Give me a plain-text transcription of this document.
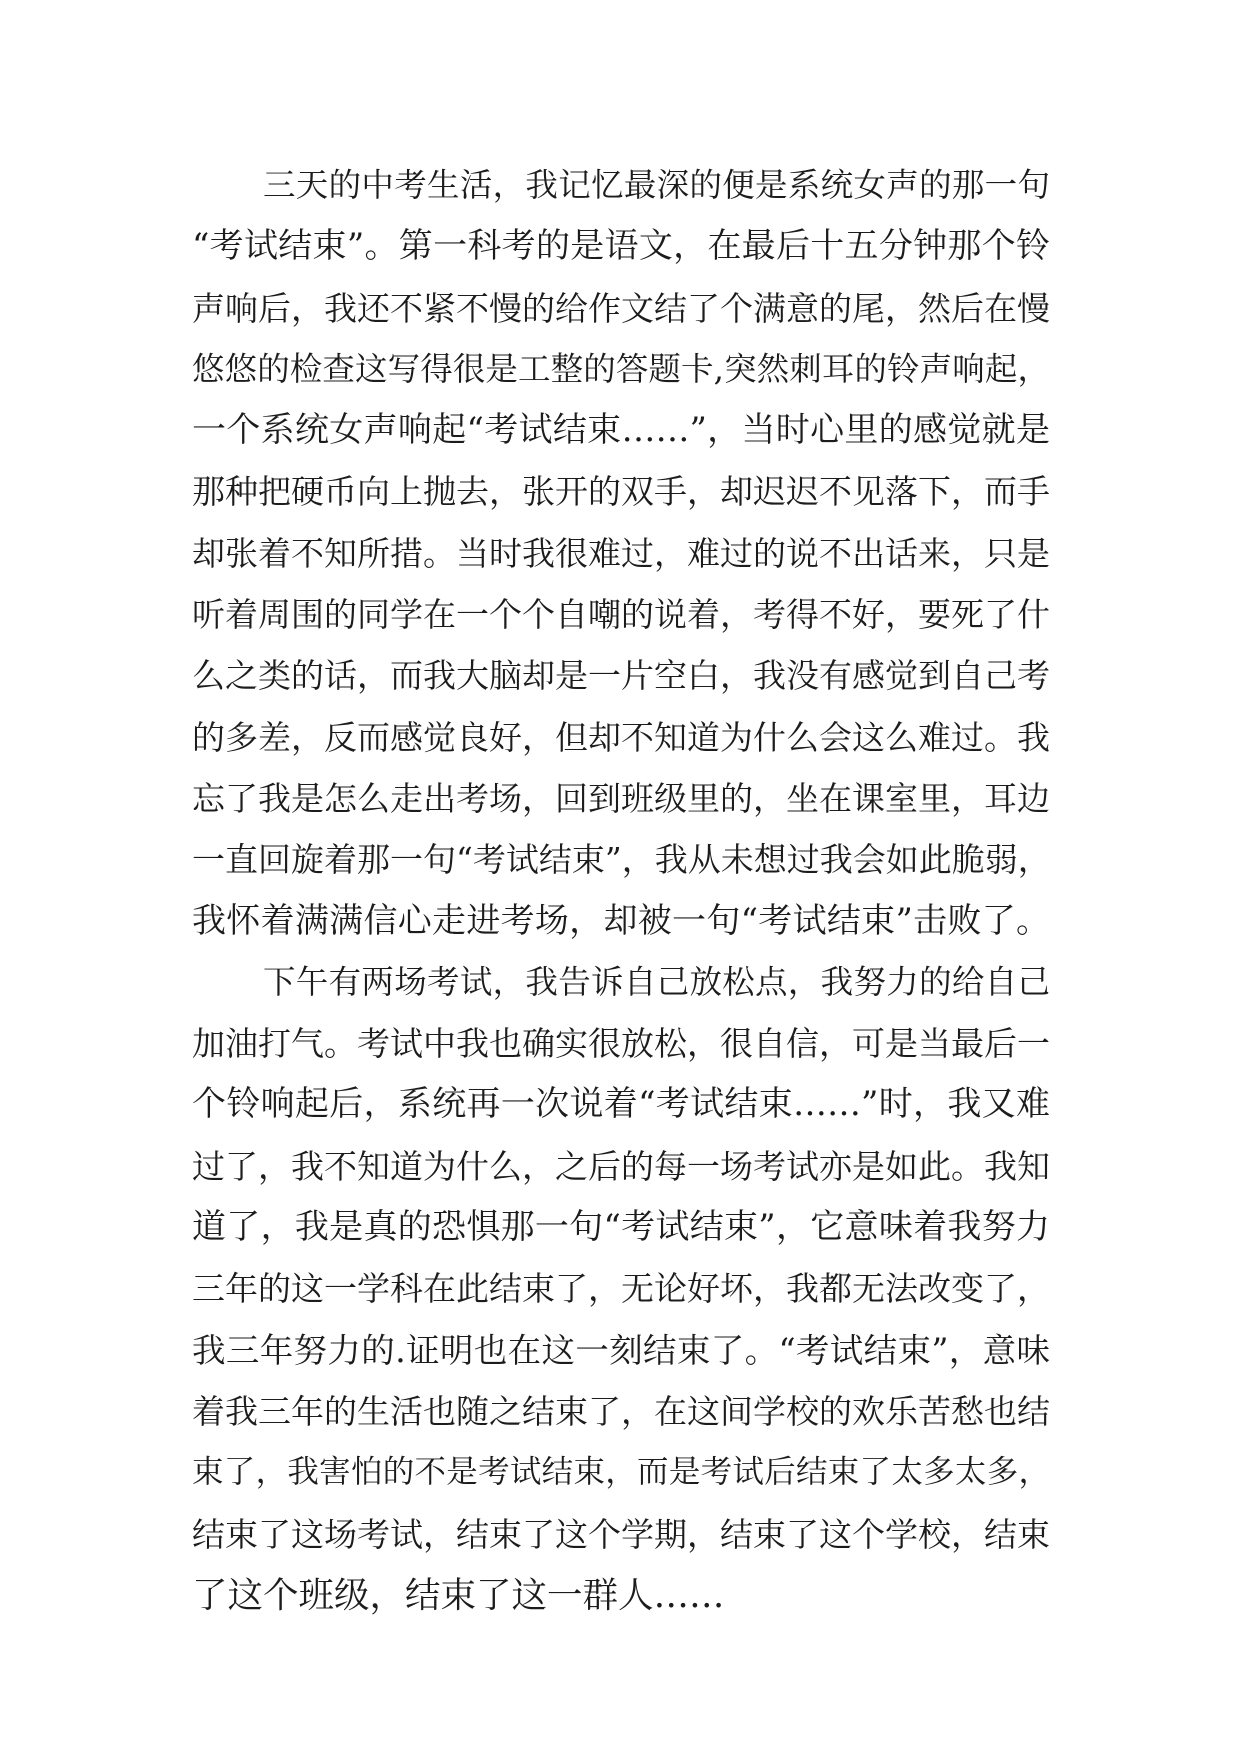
三天的中考生活，我记忆最深的便是系统女声的那一句
“考试结束”。第一科考的是语文，在最后十五分钟那个铃
声响后，我还不紧不慢的给作文结了个满意的尾，然后在慢
悠悠的检查这写得很是工整的答题卡,突然刺耳的铃声响起，
一个系统女声响起“考试结束……”，当时心里的感觉就是
那种把硬币向上抛去，张开的双手，却迟迟不见落下，而手
却张着不知所措。当时我很难过，难过的说不出话来，只是
听着周围的同学在一个个自嘲的说着，考得不好，要死了什
么之类的话，而我大脑却是一片空白，我没有感觉到自己考
的多差，反而感觉良好，但却不知道为什么会这么难过。我
忘了我是怎么走出考场，回到班级里的，坐在课室里，耳边
一直回旋着那一句“考试结束”，我从未想过我会如此脆弱，
我怀着满满信心走进考场，却被一句“考试结束”击败了。
下午有两场考试，我告诉自己放松点，我努力的给自己
加油打气。考试中我也确实很放松，很自信，可是当最后一
个铃响起后，系统再一次说着“考试结束……”时，我又难
过了，我不知道为什么，之后的每一场考试亦是如此。我知
道了，我是真的恐惧那一句“考试结束”，它意味着我努力
三年的这一学科在此结束了，无论好坏，我都无法改变了，
我三年努力的.证明也在这一刻结束了。“考试结束”，意味
着我三年的生活也随之结束了，在这间学校的欢乐苦愁也结
束了，我害怕的不是考试结束，而是考试后结束了太多太多，
结束了这场考试，结束了这个学期，结束了这个学校，结束
了这个班级，结束了这一群人……
